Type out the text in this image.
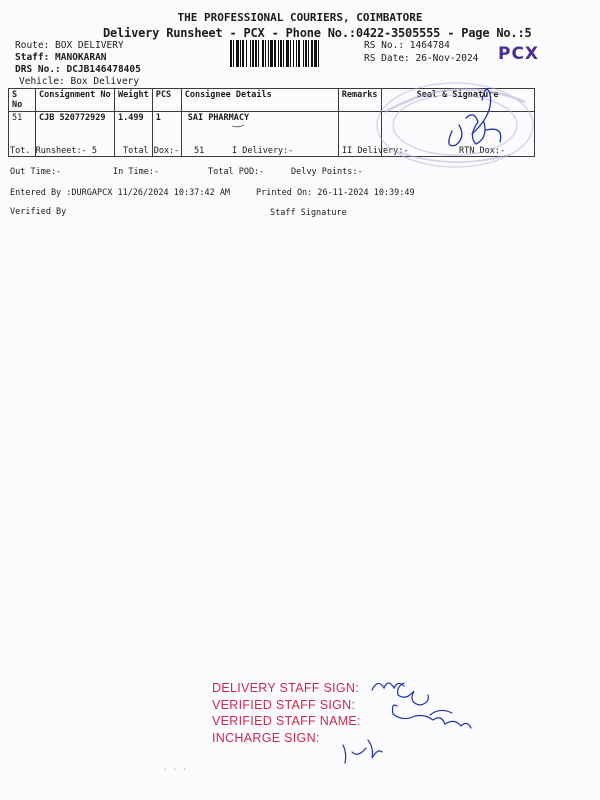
THE PROFESSIONAL COURIERS, COIMBATORE
Delivery Runsheet - PCX - Phone No.:0422-3505555 - Page No.:5
Route: BOX DELIVERY
Staff: MANOKARAN
DRS No.: DCJB146478405
Vehicle: Box Delivery
RS No.: 1464784
RS Date: 26-Nov-2024 PCX
S No	Consignment No	Weight	PCS	Consignee Details	Remarks	Seal & Signature
51	CJB 520772929	1.499	1	SAI PHARMACY		
Tot. Runsheet:- 5	Total Dox:- 51	I Delivery:-	II Delivery:-	RTN Dox:-
Out Time:-	In Time:-	Total POD:-	Delvy Points:-
Entered By :DURGAPCX 11/26/2024 10:37:42 AM	Printed On: 26-11-2024 10:39:49
Verified By	Staff Signature
DELIVERY STAFF SIGN:
VERIFIED STAFF SIGN:
VERIFIED STAFF NAME:
INCHARGE SIGN:
· · ·
